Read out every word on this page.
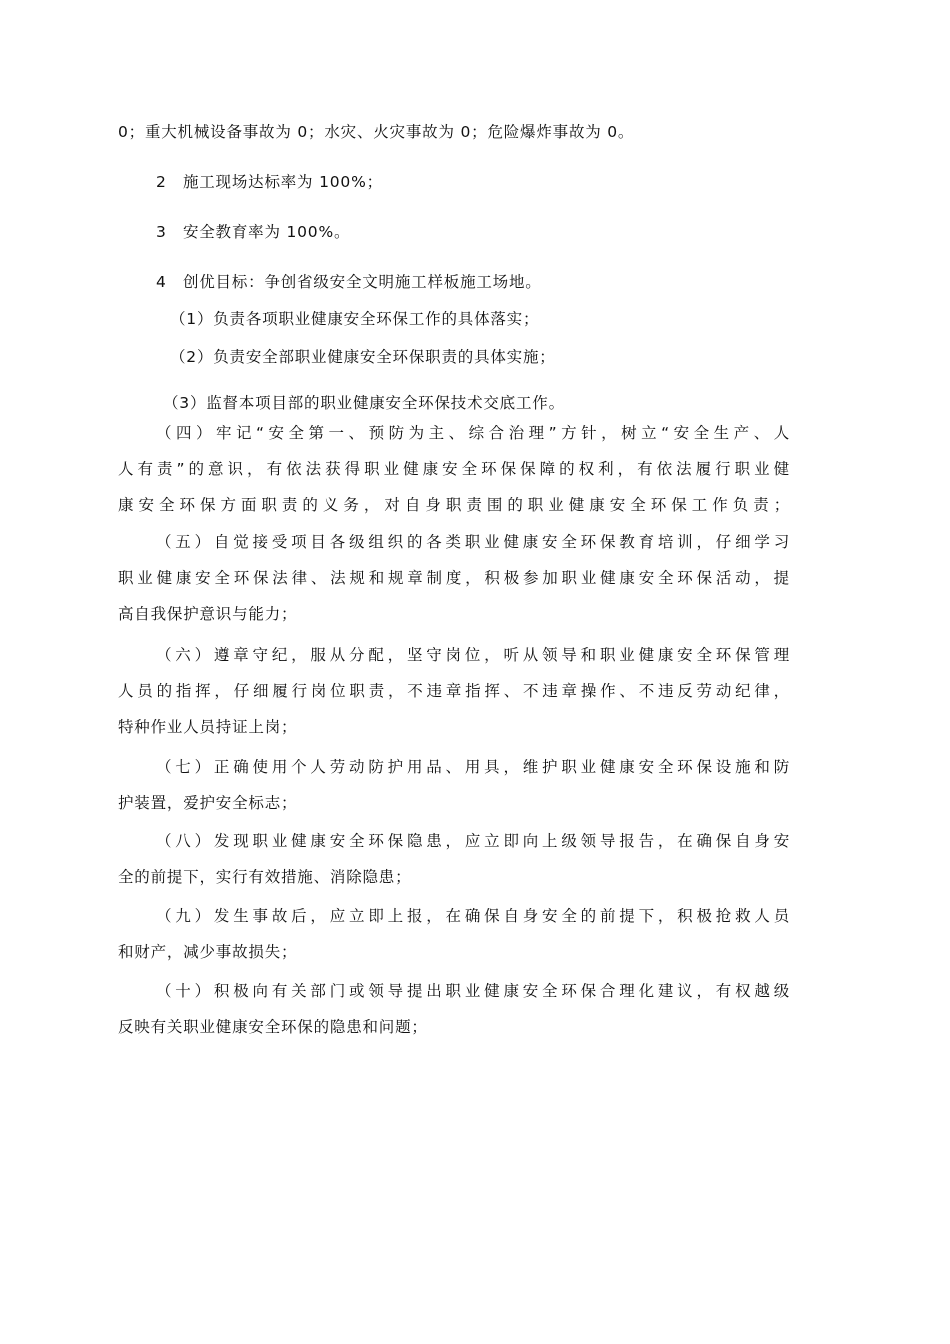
0；重大机械设备事故为 0；水灾、火灾事故为 0；危险爆炸事故为 0。
2　施工现场达标率为 100%；
3　安全教育率为 100%。
4　创优目标：争创省级安全文明施工样板施工场地。
（1）负责各项职业健康安全环保工作的具体落实；
（2）负责安全部职业健康安全环保职责的具体实施；
（3）监督本项目部的职业健康安全环保技术交底工作。
（四）牢记“安全第一、预防为主、综合治理”方针，树立“安全生产、人
人有责”的意识，有依法获得职业健康安全环保保障的权利，有依法履行职业健
康安全环保方面职责的义务，对自身职责围的职业健康安全环保工作负责；
（五）自觉接受项目各级组织的各类职业健康安全环保教育培训，仔细学习
职业健康安全环保法律、法规和规章制度，积极参加职业健康安全环保活动，提
高自我保护意识与能力；
（六）遵章守纪，服从分配，坚守岗位，听从领导和职业健康安全环保管理
人员的指挥，仔细履行岗位职责，不违章指挥、不违章操作、不违反劳动纪律，
特种作业人员持证上岗；
（七）正确使用个人劳动防护用品、用具，维护职业健康安全环保设施和防
护装置，爱护安全标志；
（八）发现职业健康安全环保隐患，应立即向上级领导报告，在确保自身安
全的前提下，实行有效措施、消除隐患；
（九）发生事故后，应立即上报，在确保自身安全的前提下，积极抢救人员
和财产，减少事故损失；
（十）积极向有关部门或领导提出职业健康安全环保合理化建议，有权越级
反映有关职业健康安全环保的隐患和问题；
